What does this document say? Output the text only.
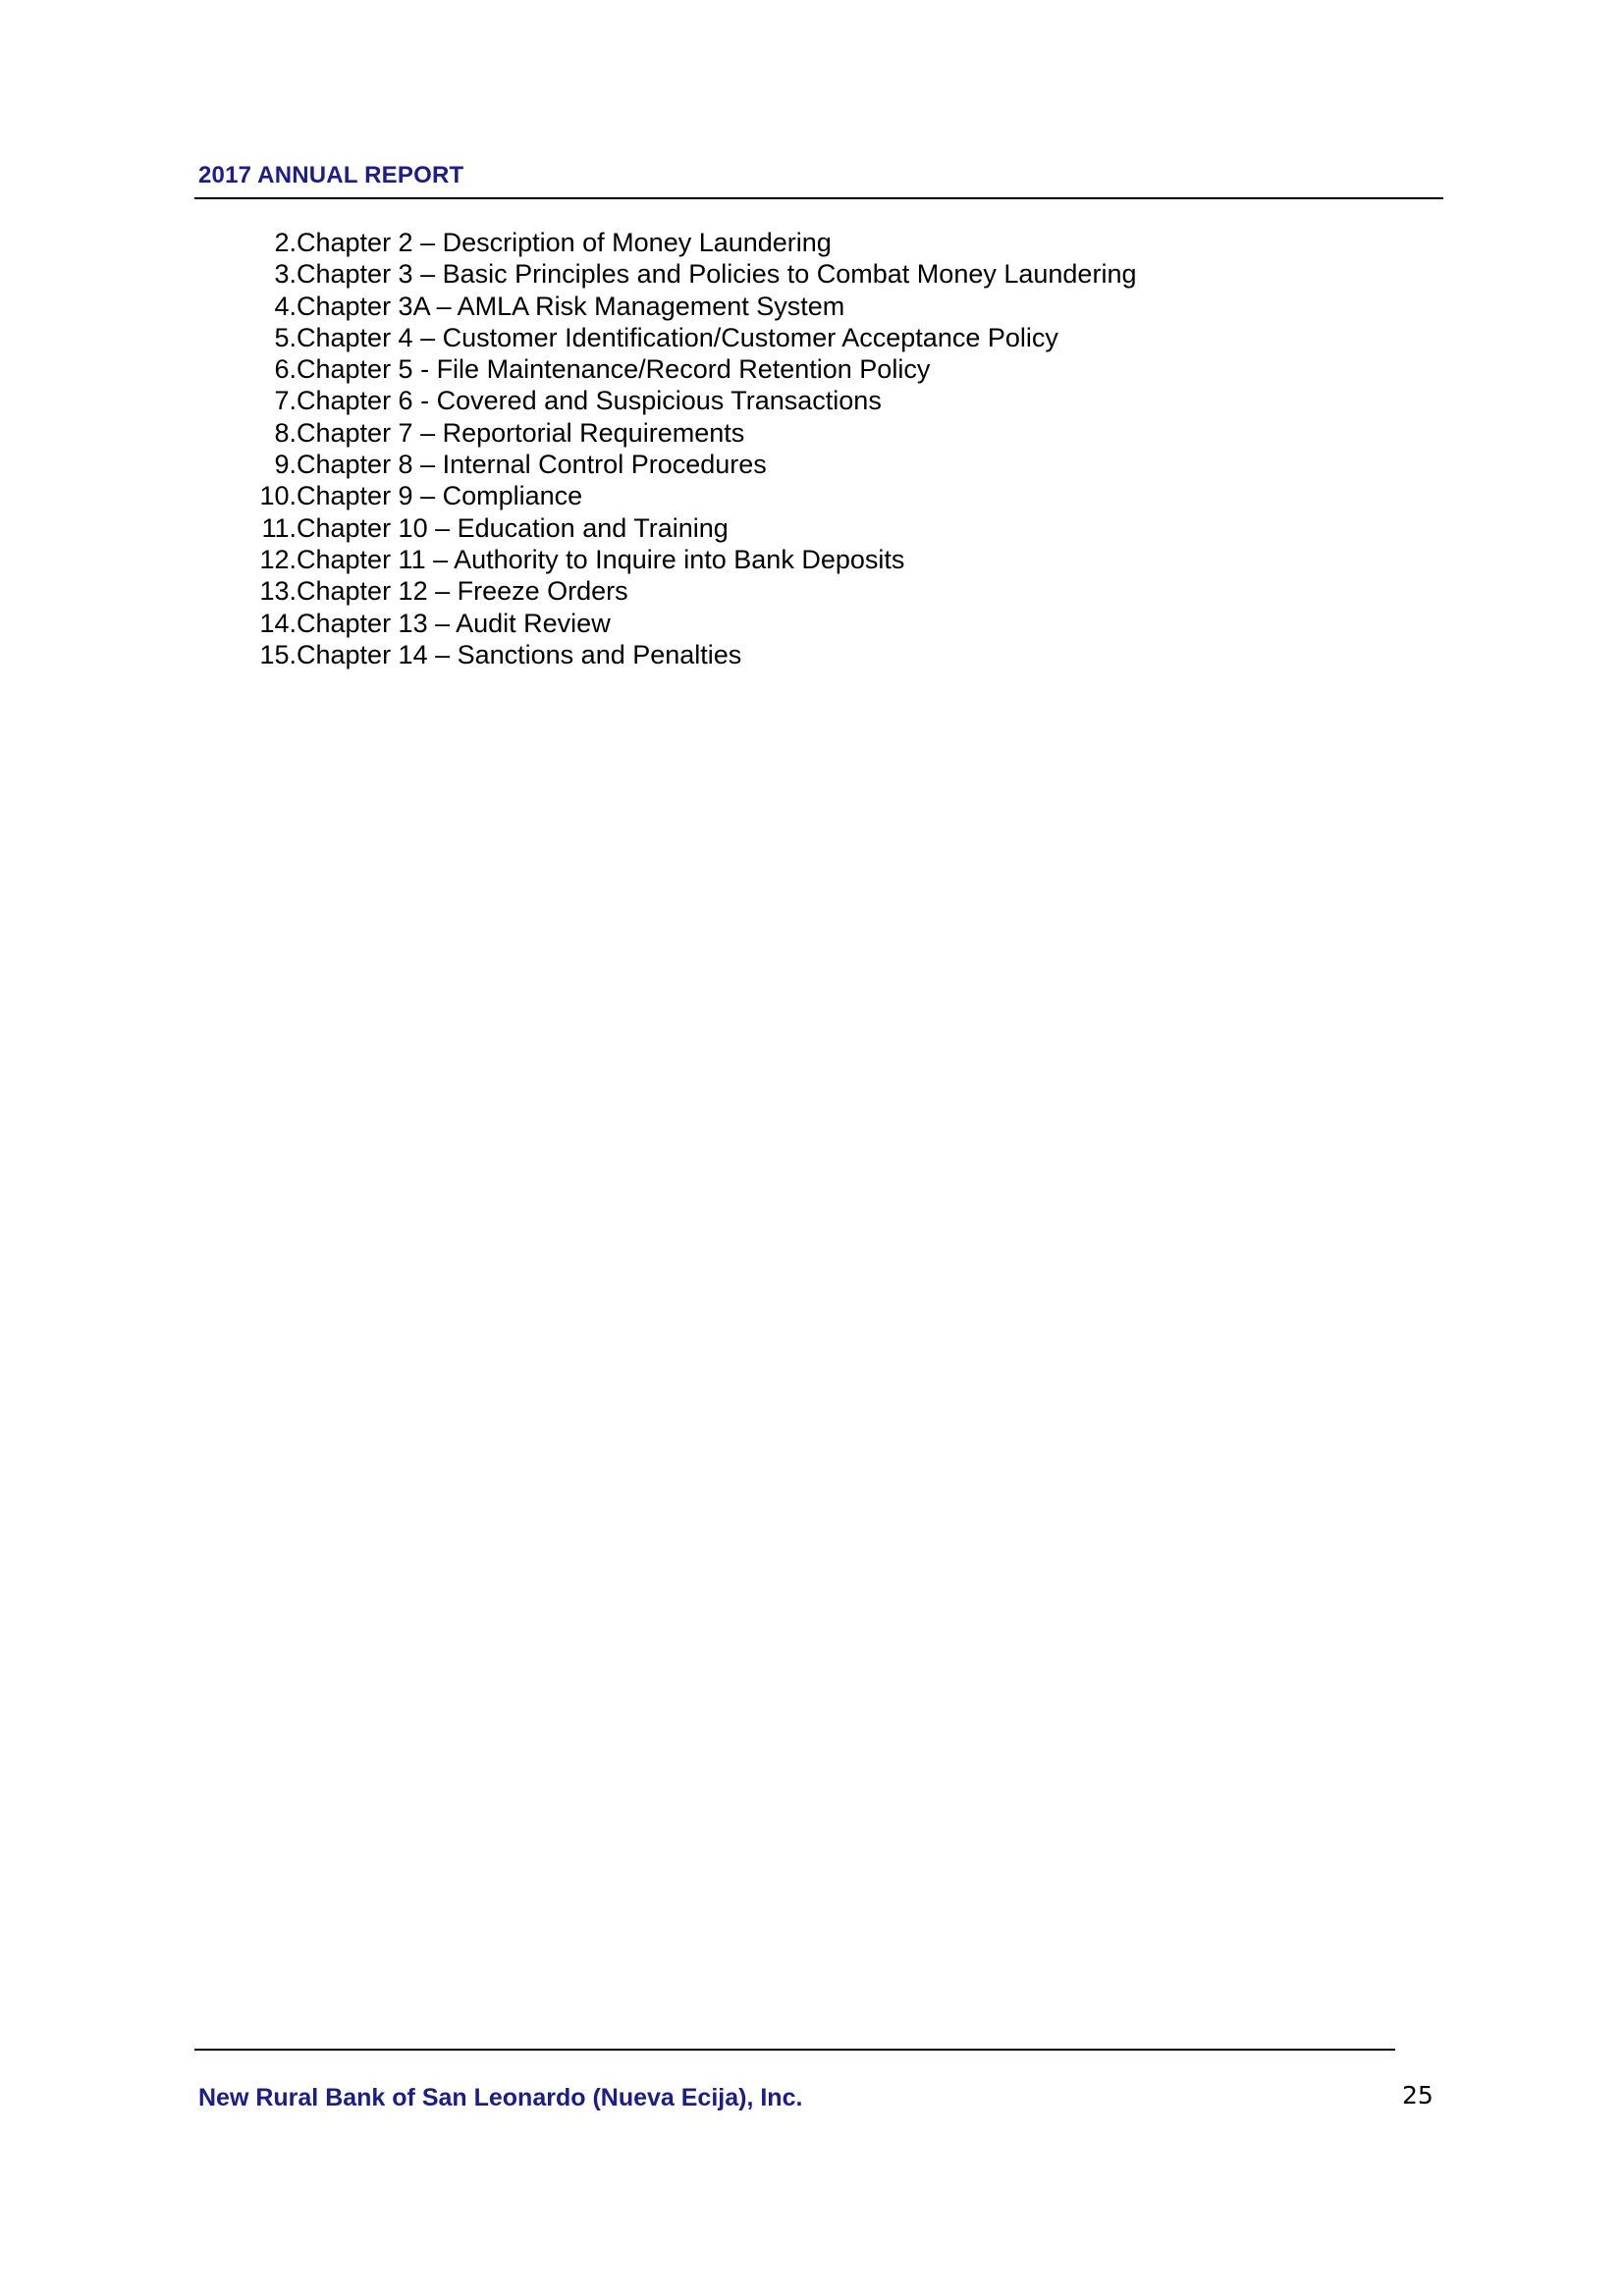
2017 ANNUAL REPORT
2. Chapter 2 – Description of Money Laundering
3. Chapter 3 – Basic Principles and Policies to Combat Money Laundering
4. Chapter 3A – AMLA Risk Management System
5. Chapter 4 – Customer Identification/Customer Acceptance Policy
6. Chapter 5 - File Maintenance/Record Retention Policy
7. Chapter 6 - Covered and Suspicious Transactions
8. Chapter 7 – Reportorial Requirements
9. Chapter 8 – Internal Control Procedures
10. Chapter 9 – Compliance
11. Chapter 10 – Education and Training
12. Chapter 11 – Authority to Inquire into Bank Deposits
13. Chapter 12 – Freeze Orders
14. Chapter 13 – Audit Review
15. Chapter 14 – Sanctions and Penalties
New Rural Bank of San Leonardo (Nueva Ecija), Inc.	25
